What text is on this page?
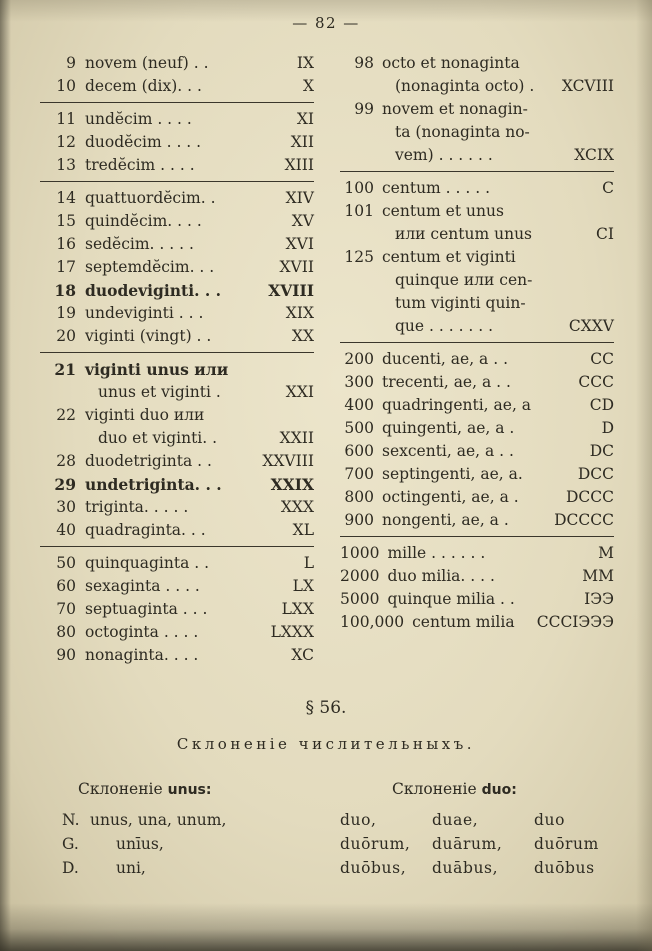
— 82 —
9 novem (neuf) . .	IX
10 decem (dix). . .	X
11 undĕcim . . . .	XI
12 duodĕcim . . . .	XII
13 tredĕcim . . . .	XIII
14 quattuordĕcim. .	XIV
15 quindĕcim. . . .	XV
16 sedĕcim. . . . .	XVI
17 septemdĕcim. . .	XVII
18 duodeviginti. . .	XVIII
19 undeviginti . . .	XIX
20 viginti (vingt) . .	XX
21 viginti unus или
unus et viginti .	XXI
22 viginti duo или
duo et viginti. .	XXII
28 duodetriginta . .	XXVIII
29 undetriginta. . .	XXIX
30 triginta. . . . .	XXX
40 quadraginta. . .	XL
50 quinquaginta . .	L
60 sexaginta . . . .	LX
70 septuaginta . . .	LXX
80 octoginta . . . .	LXXX
90 nonaginta. . . .	XC
98 octo et nonaginta
(nonaginta octo) .	XCVIII
99 novem et nonagin-
ta (nonaginta no-
vem) . . . . . .	XCIX
100 centum . . . . .	C
101 centum et unus
или centum unus	CI
125 centum et viginti
quinque или cen-
tum viginti quin-
que . . . . . . .	CXXV
200 ducenti, ae, a . .	CC
300 trecenti, ae, a . .	CCC
400 quadringenti, ae, a	CD
500 quingenti, ae, a .	D
600 sexcenti, ae, a . .	DC
700 septingenti, ae, a.	DCC
800 octingenti, ae, a .	DCCC
900 nongenti, ae, a .	DCCCC
1000 mille . . . . . .	M
2000 duo milia. . . .	MM
5000 quinque milia . .	IЭЭ
100,000 centum milia	CCCIЭЭЭ
§ 56.
Склоненіе числительныхъ.
Склоненіе unus:
N. unus, una, unum,
G.	unīus,
D.	uni,
Склоненіе duo:
duo,	duae,	duo
duōrum,	duārum,	duōrum
duōbus,	duābus,	duōbus
